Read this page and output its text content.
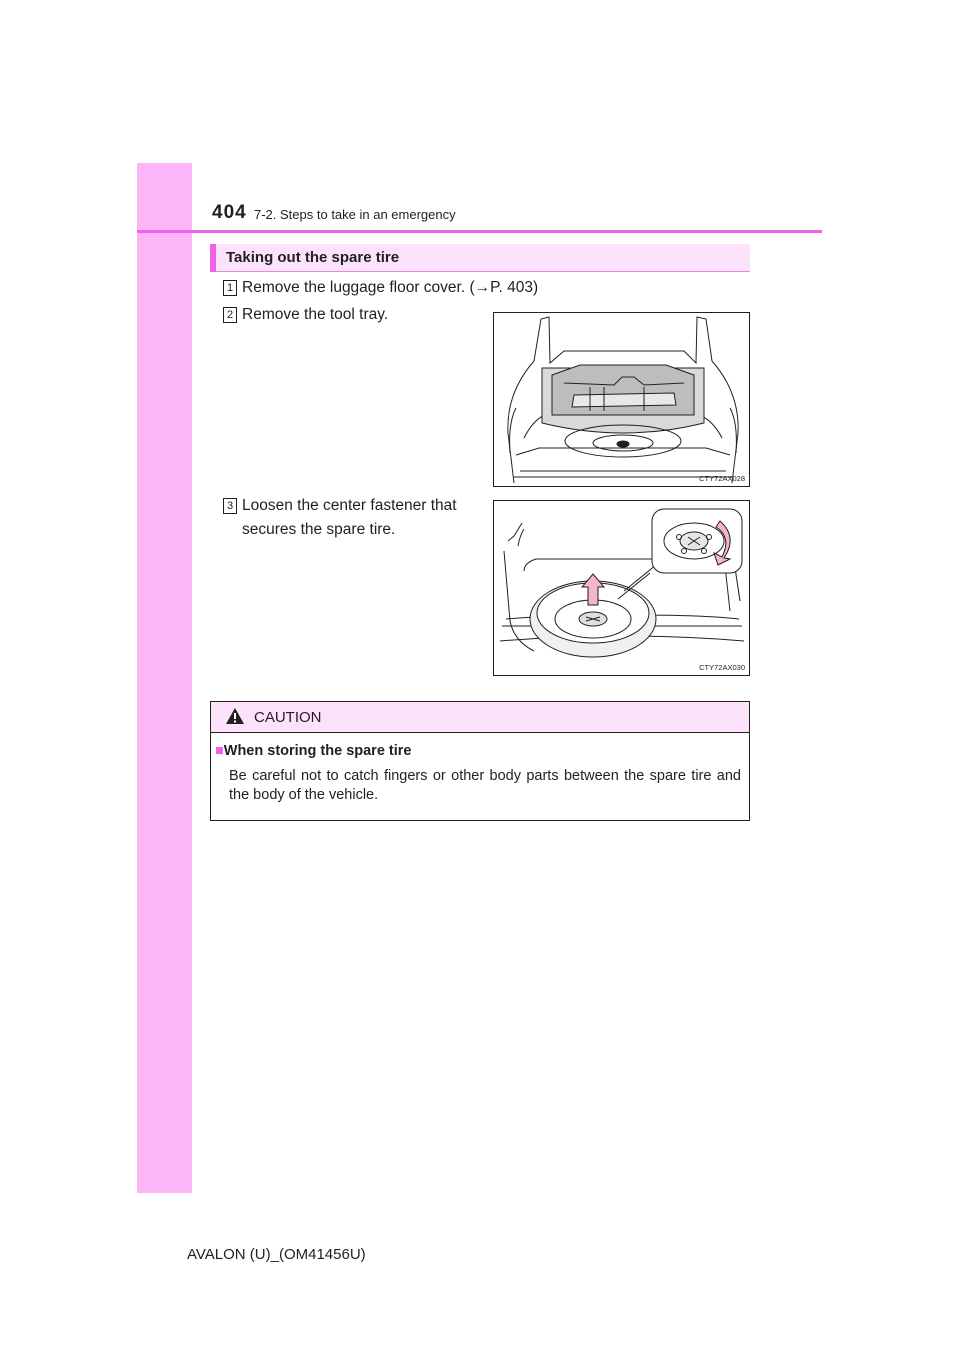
404 7-2. Steps to take in an emergency
Taking out the spare tire
1 Remove the luggage floor cover. (→P. 403)
2 Remove the tool tray.
3 Loosen the center fastener that
secures the spare tire.
CTY72AX028
CTY72AX030
CAUTION
■When storing the spare tire
Be careful not to catch fingers or other body parts between the spare tire and the body of the vehicle.
AVALON (U)_(OM41456U)
